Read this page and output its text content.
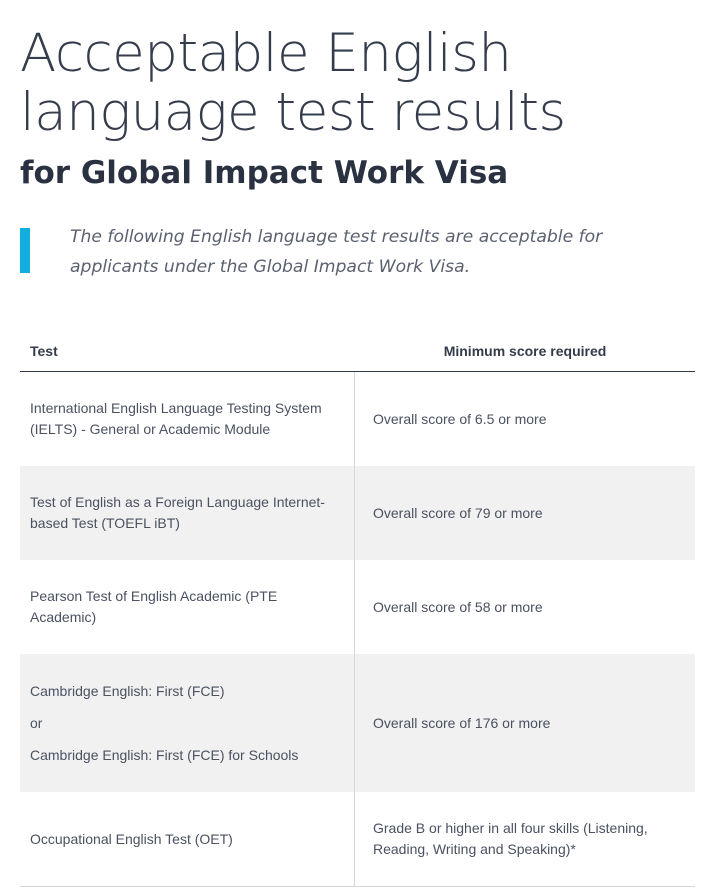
Acceptable English
language test results
for Global Impact Work Visa

The following English language test results are acceptable for applicants under the Global Impact Work Visa.

Test	Minimum score required
International English Language Testing System (IELTS) - General or Academic Module
Overall score of 6.5 or more
Test of English as a Foreign Language Internet-based Test (TOEFL iBT)
Overall score of 79 or more
Pearson Test of English Academic (PTE Academic)
Overall score of 58 or more
Cambridge English: First (FCE)
or
Cambridge English: First (FCE) for Schools
Overall score of 176 or more
Occupational English Test (OET)
Grade B or higher in all four skills (Listening, Reading, Writing and Speaking)*
